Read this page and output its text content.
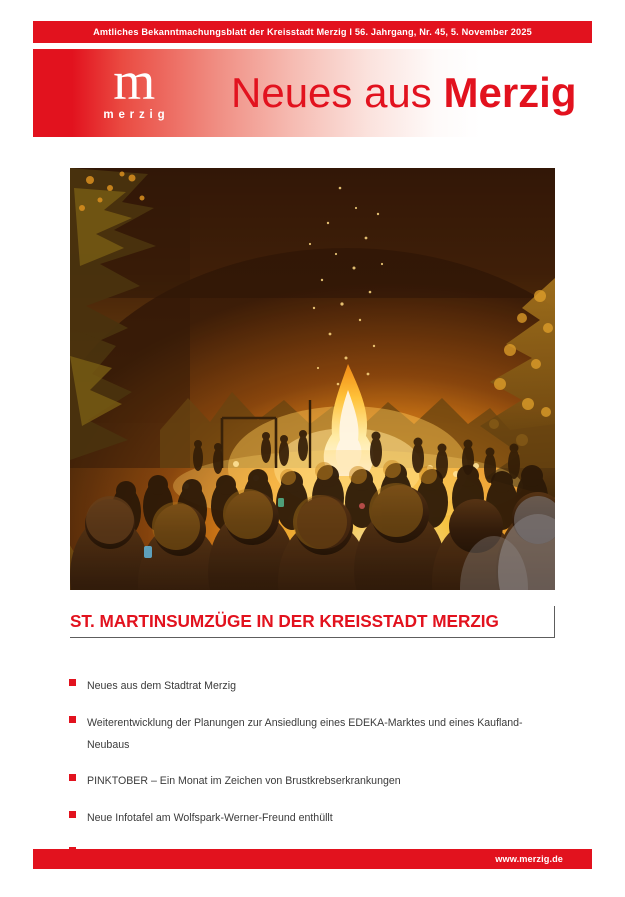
Amtliches Bekanntmachungsblatt der Kreisstadt Merzig I 56. Jahrgang, Nr. 45, 5. November 2025
m
merzig	Neues aus Merzig
ST. MARTINSUMZÜGE IN DER KREISSTADT MERZIG
Neues aus dem Stadtrat Merzig
Weiterentwicklung der Planungen zur Ansiedlung eines EDEKA-Marktes und eines Kaufland-Neubaus
PINKTOBER – Ein Monat im Zeichen von Brustkrebserkrankungen
Neue Infotafel am Wolfspark-Werner-Freund enthüllt
www.merzig.de
